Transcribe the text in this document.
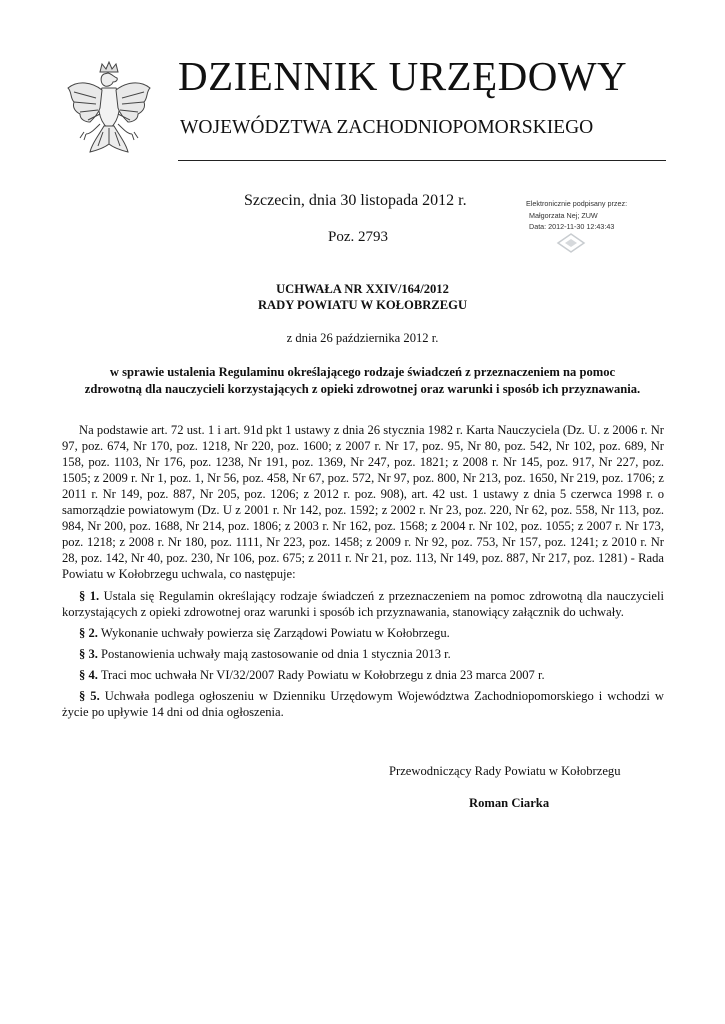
DZIENNIK URZĘDOWY
WOJEWÓDZTWA ZACHODNIOPOMORSKIEGO
Szczecin, dnia 30 listopada 2012 r.
Poz. 2793
Elektronicznie podpisany przez:
Małgorzata Nej; ZUW
Data: 2012-11-30 12:43:43
UCHWAŁA NR XXIV/164/2012
RADY POWIATU W KOŁOBRZEGU
z dnia 26 października 2012 r.
w sprawie ustalenia Regulaminu określającego rodzaje świadczeń z przeznaczeniem na pomoc
zdrowotną dla nauczycieli korzystających z opieki zdrowotnej oraz warunki i sposób ich przyznawania.

Na podstawie art. 72 ust. 1 i art. 91d pkt 1 ustawy z dnia 26 stycznia 1982 r. Karta Nauczyciela (Dz. U. z 2006 r. Nr 97, poz. 674, Nr 170, poz. 1218, Nr 220, poz. 1600; z 2007 r. Nr 17, poz. 95, Nr 80, poz. 542, Nr 102, poz. 689, Nr 158, poz. 1103, Nr 176, poz. 1238, Nr 191, poz. 1369, Nr 247, poz. 1821; z 2008 r. Nr 145, poz. 917, Nr 227, poz. 1505; z 2009 r. Nr 1, poz. 1, Nr 56, poz. 458, Nr 67, poz. 572, Nr 97, poz. 800, Nr 213, poz. 1650, Nr 219, poz. 1706; z 2011 r. Nr 149, poz. 887, Nr 205, poz. 1206; z 2012 r. poz. 908), art. 42 ust. 1 ustawy z dnia 5 czerwca 1998 r. o samorządzie powiatowym (Dz. U z 2001 r. Nr 142, poz. 1592; z 2002 r. Nr 23, poz. 220, Nr 62, poz. 558, Nr 113, poz. 984, Nr 200, poz. 1688, Nr 214, poz. 1806; z 2003 r. Nr 162, poz. 1568; z 2004 r. Nr 102, poz. 1055; z 2007 r. Nr 173, poz. 1218; z 2008 r. Nr 180, poz. 1111, Nr 223, poz. 1458; z 2009 r. Nr 92, poz. 753, Nr 157, poz. 1241; z 2010 r. Nr 28, poz. 142, Nr 40, poz. 230, Nr 106, poz. 675; z 2011 r. Nr 21, poz. 113, Nr 149, poz. 887, Nr 217, poz. 1281) - Rada Powiatu w Kołobrzegu uchwala, co następuje:

§ 1. Ustala się Regulamin określający rodzaje świadczeń z przeznaczeniem na pomoc zdrowotną dla nauczycieli korzystających z opieki zdrowotnej oraz warunki i sposób ich przyznawania, stanowiący załącznik do uchwały.

§ 2. Wykonanie uchwały powierza się Zarządowi Powiatu w Kołobrzegu.

§ 3. Postanowienia uchwały mają zastosowanie od dnia 1 stycznia 2013 r.

§ 4. Traci moc uchwała Nr VI/32/2007 Rady Powiatu w Kołobrzegu z dnia 23 marca 2007 r.

§ 5. Uchwała podlega ogłoszeniu w Dzienniku Urzędowym Województwa Zachodniopomorskiego i wchodzi w życie po upływie 14 dni od dnia ogłoszenia.

Przewodniczący Rady Powiatu w Kołobrzegu
Roman Ciarka
